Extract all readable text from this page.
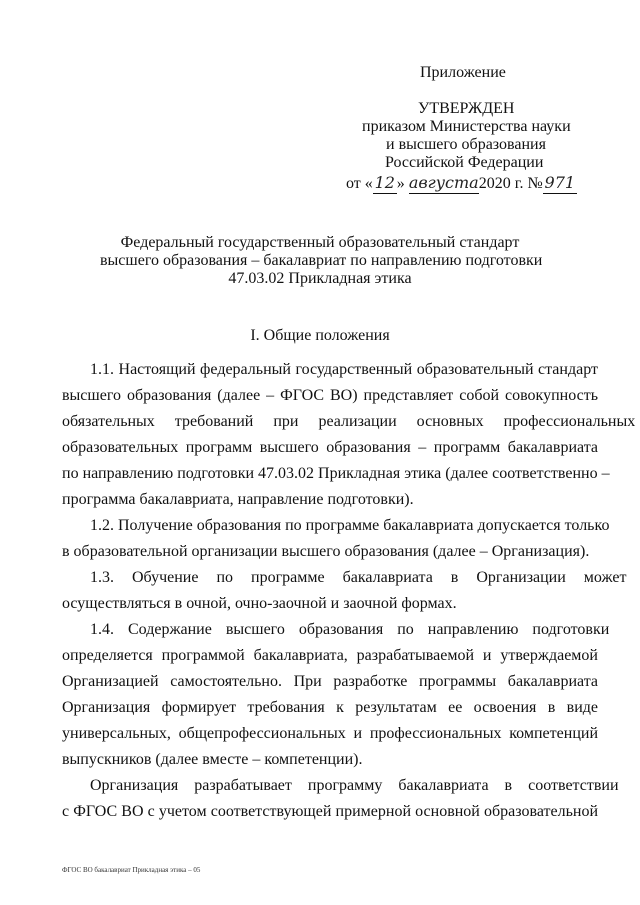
Приложение
УТВЕРЖДЕН
приказом Министерства науки
и высшего образования
Российской Федерации
от « 12 » августа2020 г. № 971
Федеральный государственный образовательный стандарт
высшего образования – бакалавриат по направлению подготовки
47.03.02 Прикладная этика
I. Общие положения
1.1. Настоящий федеральный государственный образовательный стандарт
высшего образования (далее – ФГОС ВО) представляет собой совокупность
обязательных требований при реализации основных профессиональных
образовательных программ высшего образования – программ бакалавриата
по направлению подготовки 47.03.02 Прикладная этика (далее соответственно –
программа бакалавриата, направление подготовки).
1.2. Получение образования по программе бакалавриата допускается только
в образовательной организации высшего образования (далее – Организация).
1.3. Обучение по программе бакалавриата в Организации может
осуществляться в очной, очно-заочной и заочной формах.
1.4. Содержание высшего образования по направлению подготовки
определяется программой бакалавриата, разрабатываемой и утверждаемой
Организацией самостоятельно. При разработке программы бакалавриата
Организация формирует требования к результатам ее освоения в виде
универсальных, общепрофессиональных и профессиональных компетенций
выпускников (далее вместе – компетенции).
Организация разрабатывает программу бакалавриата в соответствии
с ФГОС ВО с учетом соответствующей примерной основной образовательной
ФГОС ВО бакалавриат Прикладная этика – 05
